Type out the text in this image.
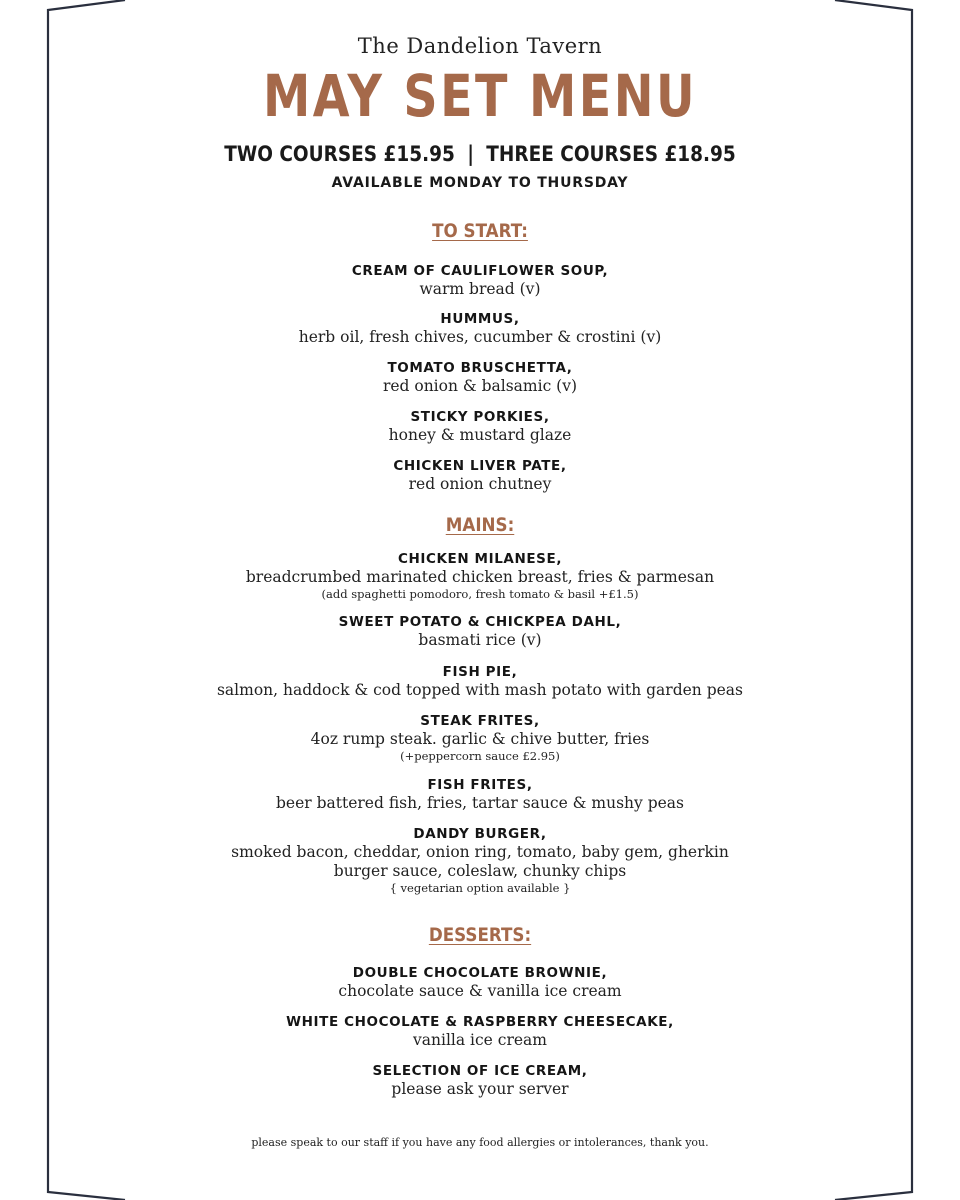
The Dandelion Tavern
MAY SET MENU
TWO COURSES £15.95 | THREE COURSES £18.95
AVAILABLE MONDAY TO THURSDAY
TO START:
CREAM OF CAULIFLOWER SOUP,
warm bread (v)
HUMMUS,
herb oil, fresh chives, cucumber & crostini (v)
TOMATO BRUSCHETTA,
red onion & balsamic (v)
STICKY PORKIES,
honey & mustard glaze
CHICKEN LIVER PATE,
red onion chutney
MAINS:
CHICKEN MILANESE,
breadcrumbed marinated chicken breast, fries & parmesan
(add spaghetti pomodoro, fresh tomato & basil +£1.5)
SWEET POTATO & CHICKPEA DAHL,
basmati rice (v)
FISH PIE,
salmon, haddock & cod topped with mash potato with garden peas
STEAK FRITES,
4oz rump steak. garlic & chive butter, fries
(+peppercorn sauce £2.95)
FISH FRITES,
beer battered fish, fries, tartar sauce & mushy peas
DANDY BURGER,
smoked bacon, cheddar, onion ring, tomato, baby gem, gherkin
burger sauce, coleslaw, chunky chips
{ vegetarian option available }
DESSERTS:
DOUBLE CHOCOLATE BROWNIE,
chocolate sauce & vanilla ice cream
WHITE CHOCOLATE & RASPBERRY CHEESECAKE,
vanilla ice cream
SELECTION OF ICE CREAM,
please ask your server
please speak to our staff if you have any food allergies or intolerances, thank you.
